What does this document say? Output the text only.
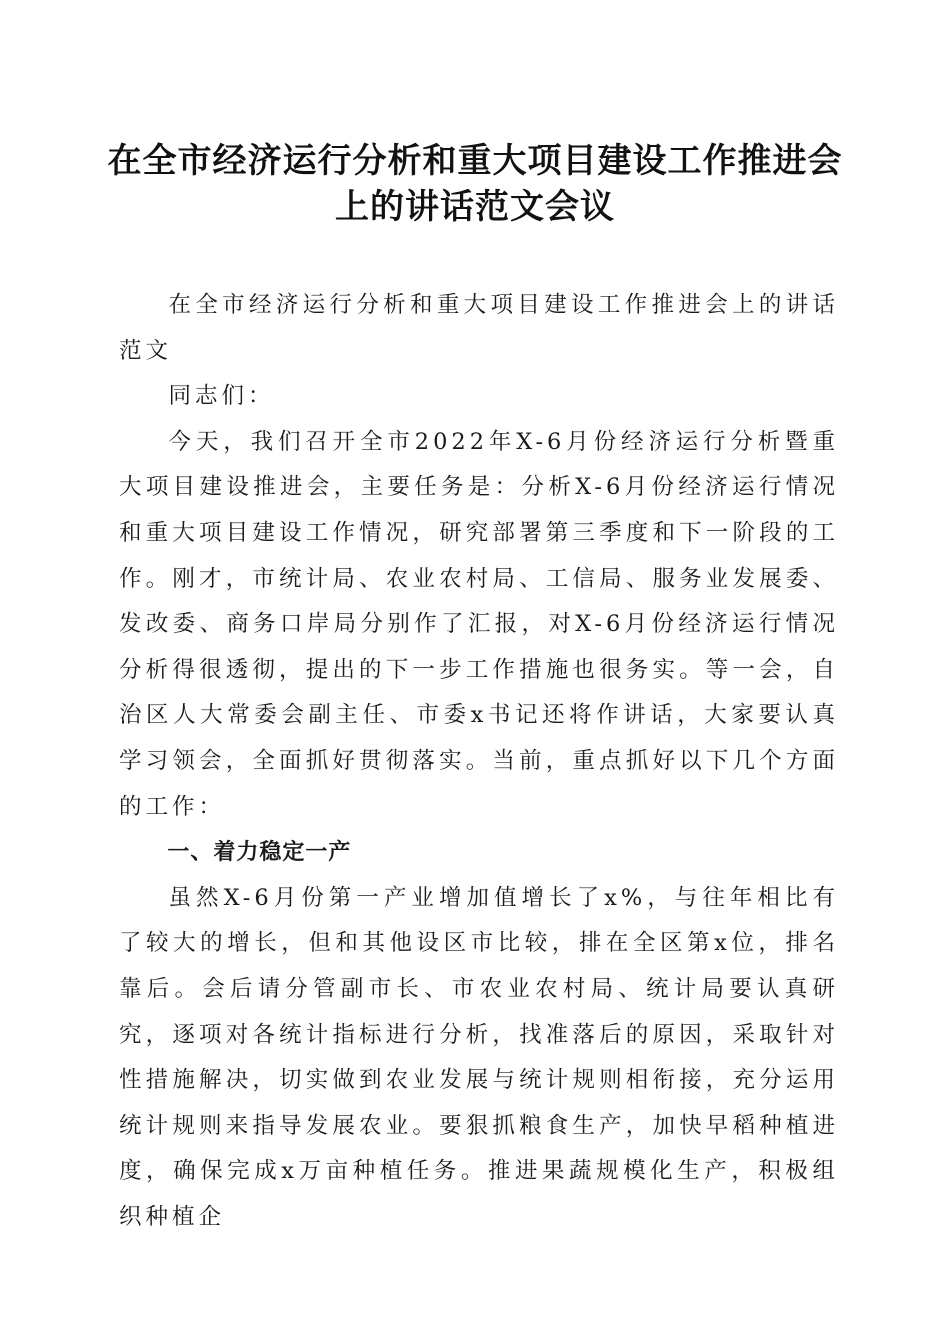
在全市经济运行分析和重大项目建设工作推进会上的讲话范文会议

在全市经济运行分析和重大项目建设工作推进会上的讲话范文

同志们：

今天，我们召开全市2022年X-6月份经济运行分析暨重大项目建设推进会，主要任务是：分析X-6月份经济运行情况和重大项目建设工作情况，研究部署第三季度和下一阶段的工作。刚才，市统计局、农业农村局、工信局、服务业发展委、发改委、商务口岸局分别作了汇报，对X-6月份经济运行情况分析得很透彻，提出的下一步工作措施也很务实。等一会，自治区人大常委会副主任、市委x书记还将作讲话，大家要认真学习领会，全面抓好贯彻落实。当前，重点抓好以下几个方面的工作：

一、着力稳定一产

虽然X-6月份第一产业增加值增长了x%，与往年相比有了较大的增长，但和其他设区市比较，排在全区第x位，排名靠后。会后请分管副市长、市农业农村局、统计局要认真研究，逐项对各统计指标进行分析，找准落后的原因，采取针对性措施解决，切实做到农业发展与统计规则相衔接，充分运用统计规则来指导发展农业。要狠抓粮食生产，加快早稻种植进度，确保完成x万亩种植任务。推进果蔬规模化生产，积极组织种植企
